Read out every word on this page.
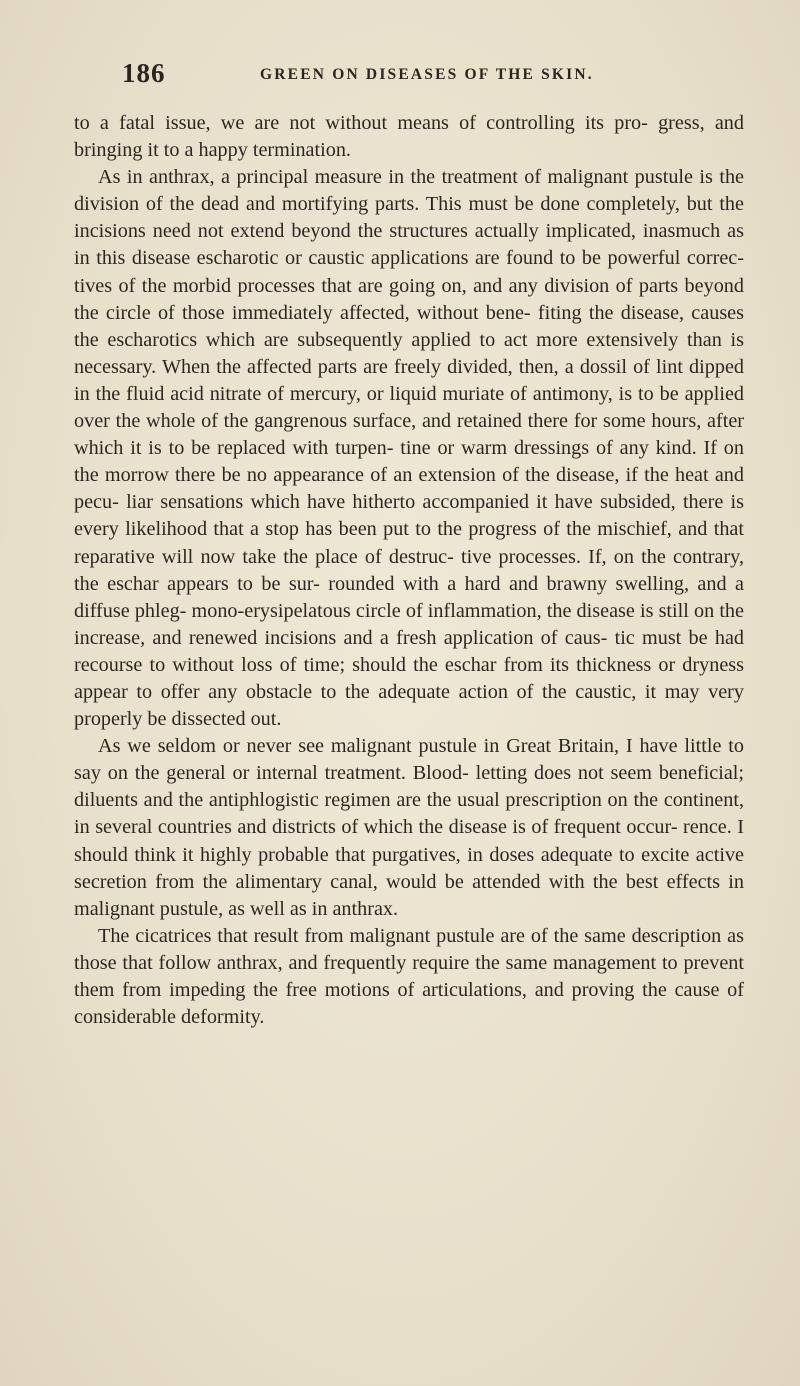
186	GREEN ON DISEASES OF THE SKIN.

to a fatal issue, we are not without means of controlling its pro- gress, and bringing it to a happy termination.

As in anthrax, a principal measure in the treatment of malignant pustule is the division of the dead and mortifying parts. This must be done completely, but the incisions need not extend beyond the structures actually implicated, inasmuch as in this disease escharotic or caustic applications are found to be powerful correc- tives of the morbid processes that are going on, and any division of parts beyond the circle of those immediately affected, without bene- fiting the disease, causes the escharotics which are subsequently applied to act more extensively than is necessary. When the affected parts are freely divided, then, a dossil of lint dipped in the fluid acid nitrate of mercury, or liquid muriate of antimony, is to be applied over the whole of the gangrenous surface, and retained there for some hours, after which it is to be replaced with turpen- tine or warm dressings of any kind. If on the morrow there be no appearance of an extension of the disease, if the heat and pecu- liar sensations which have hitherto accompanied it have subsided, there is every likelihood that a stop has been put to the progress of the mischief, and that reparative will now take the place of destruc- tive processes. If, on the contrary, the eschar appears to be sur- rounded with a hard and brawny swelling, and a diffuse phleg- mono-erysipelatous circle of inflammation, the disease is still on the increase, and renewed incisions and a fresh application of caus- tic must be had recourse to without loss of time; should the eschar from its thickness or dryness appear to offer any obstacle to the adequate action of the caustic, it may very properly be dissected out.

As we seldom or never see malignant pustule in Great Britain, I have little to say on the general or internal treatment. Blood- letting does not seem beneficial; diluents and the antiphlogistic regimen are the usual prescription on the continent, in several countries and districts of which the disease is of frequent occur- rence. I should think it highly probable that purgatives, in doses adequate to excite active secretion from the alimentary canal, would be attended with the best effects in malignant pustule, as well as in anthrax.

The cicatrices that result from malignant pustule are of the same description as those that follow anthrax, and frequently require the same management to prevent them from impeding the free motions of articulations, and proving the cause of considerable deformity.
